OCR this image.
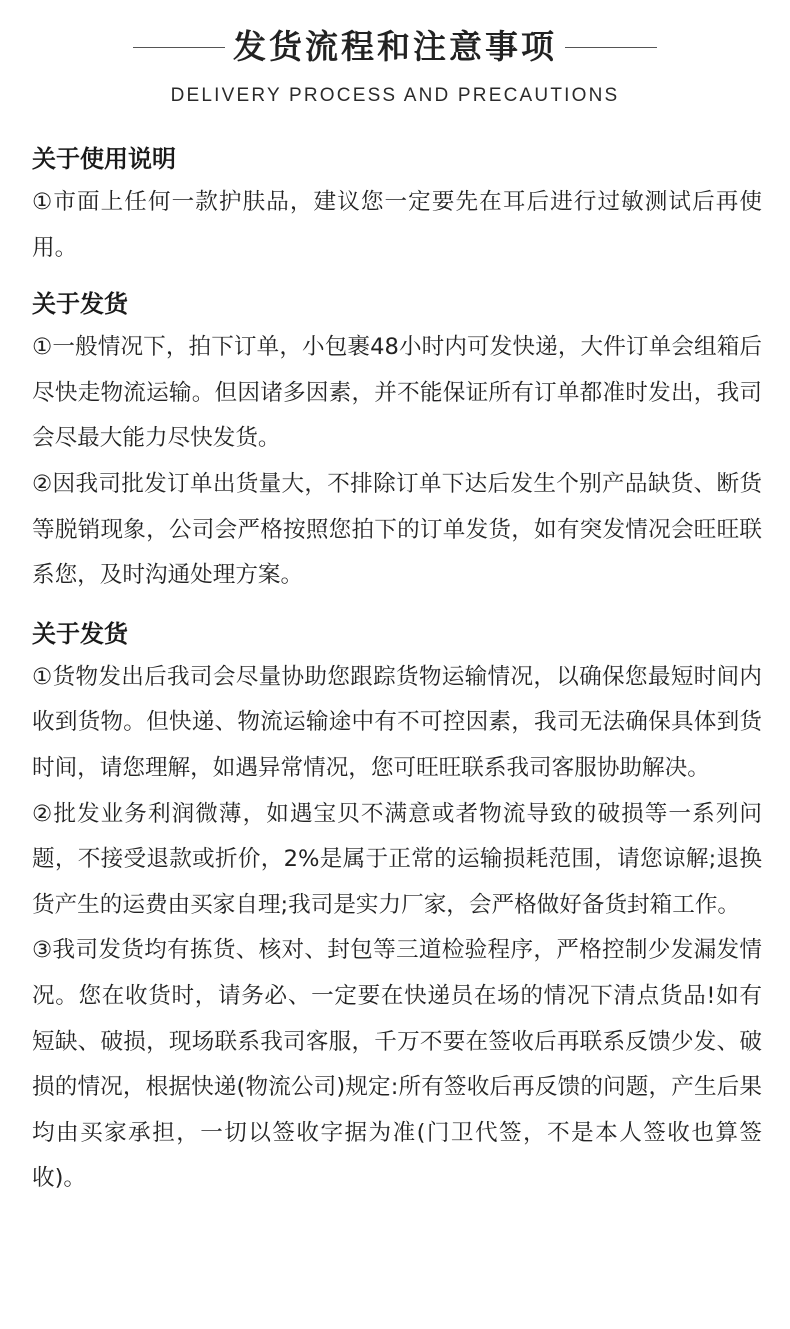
发货流程和注意事项
DELIVERY PROCESS AND PRECAUTIONS
关于使用说明

①市面上任何一款护肤品，建议您一定要先在耳后进行过敏测试后再使用。

关于发货

①一般情况下，拍下订单，小包裹48小时内可发快递，大件订单会组箱后尽快走物流运输。但因诸多因素，并不能保证所有订单都准时发出，我司会尽最大能力尽快发货。

②因我司批发订单出货量大，不排除订单下达后发生个别产品缺货、断货等脱销现象，公司会严格按照您拍下的订单发货，如有突发情况会旺旺联系您，及时沟通处理方案。

关于发货

①货物发出后我司会尽量协助您跟踪货物运输情况，以确保您最短时间内收到货物。但快递、物流运输途中有不可控因素，我司无法确保具体到货时间，请您理解，如遇异常情况，您可旺旺联系我司客服协助解决。

②批发业务利润微薄，如遇宝贝不满意或者物流导致的破损等一系列问题，不接受退款或折价，2%是属于正常的运输损耗范围，请您谅解;退换货产生的运费由买家自理;我司是实力厂家，会严格做好备货封箱工作。

③我司发货均有拣货、核对、封包等三道检验程序，严格控制少发漏发情况。您在收货时，请务必、一定要在快递员在场的情况下清点货品!如有短缺、破损，现场联系我司客服，千万不要在签收后再联系反馈少发、破损的情况，根据快递(物流公司)规定:所有签收后再反馈的问题，产生后果均由买家承担，一切以签收字据为准(门卫代签，不是本人签收也算签收)。
